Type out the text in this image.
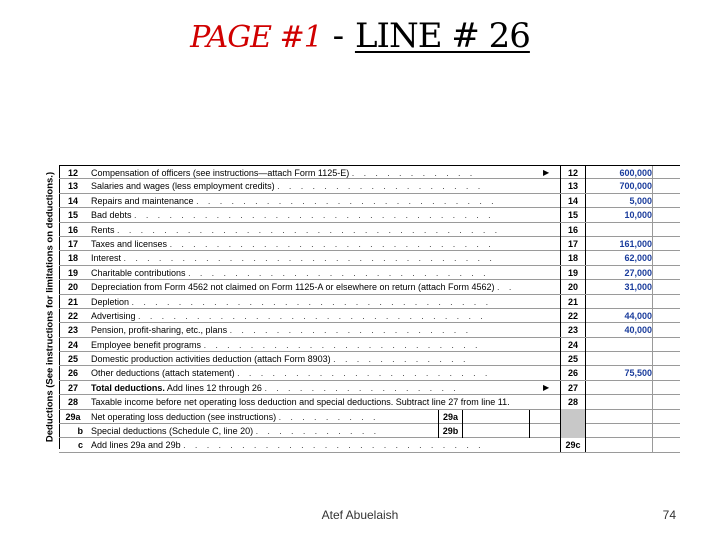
PAGE #1 - LINE # 26
Deductions (See instructions for limitations on deductions.)	12	Compensation of officers (see instructions—attach Form 1125-E) . . . . . . . . . . .	▶	12	600,000
13	Salaries and wages (less employment credits) . . . . . . . . . . . . . . . . . .	13	700,000
14	Repairs and maintenance . . . . . . . . . . . . . . . . . . . . . . . . . .	14	5,000
15	Bad debts . . . . . . . . . . . . . . . . . . . . . . . . . . . . . . .	15	10,000
16	Rents . . . . . . . . . . . . . . . . . . . . . . . . . . . . . . . . .	16
17	Taxes and licenses . . . . . . . . . . . . . . . . . . . . . . . . . . . .	17	161,000
18	Interest . . . . . . . . . . . . . . . . . . . . . . . . . . . . . . . .	18	62,000
19	Charitable contributions . . . . . . . . . . . . . . . . . . . . . . . . . .	19	27,000
20	Depreciation from Form 4562 not claimed on Form 1125-A or elsewhere on return (attach Form 4562) . .	20	31,000
21	Depletion . . . . . . . . . . . . . . . . . . . . . . . . . . . . . . .	21
22	Advertising . . . . . . . . . . . . . . . . . . . . . . . . . . . . . .	22	44,000
23	Pension, profit-sharing, etc., plans . . . . . . . . . . . . . . . . . . . . .	23	40,000
24	Employee benefit programs . . . . . . . . . . . . . . . . . . . . . . . .	24
25	Domestic production activities deduction (attach Form 8903) . . . . . . . . . . . .	25
26	Other deductions (attach statement) . . . . . . . . . . . . . . . . . . . . . .	26	75,500
27	Total deductions. Add lines 12 through 26 . . . . . . . . . . . . . . . . .	▶	27
28	Taxable income before net operating loss deduction and special deductions. Subtract line 27 from line 11.	28
29a	Net operating loss deduction (see instructions) . . . . . . . . .	29a
b Special deductions (Schedule C, line 20) . . . . . . . . . . .	29b
c Add lines 29a and 29b . . . . . . . . . . . . . . . . . . . . . . . . . .	29c
Atef Abuelaish	74
